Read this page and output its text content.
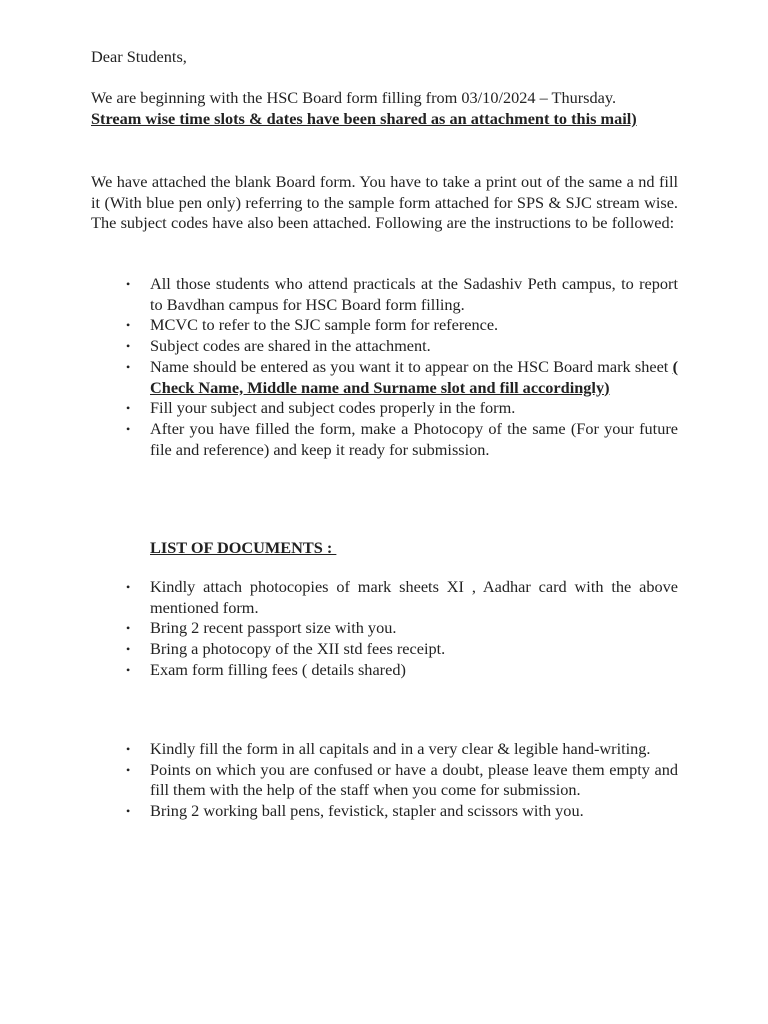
Dear Students,

We are beginning with the HSC Board form filling from 03/10/2024 – Thursday.

Stream wise time slots & dates have been shared as an attachment to this mail)

We have attached the blank Board form. You have to take a print out of the same a nd fill it (With blue pen only) referring to the sample form attached for SPS & SJC stream wise. The subject codes have also been attached. Following are the instructions to be followed:

• All those students who attend practicals at the Sadashiv Peth campus, to report to Bavdhan campus for HSC Board form filling.
• MCVC to refer to the SJC sample form for reference.
• Subject codes are shared in the attachment.
• Name should be entered as you want it to appear on the HSC Board mark sheet ( Check Name, Middle name and Surname slot and fill accordingly)
• Fill your subject and subject codes properly in the form.
• After you have filled the form, make a Photocopy of the same (For your future file and reference) and keep it ready for submission.

LIST OF DOCUMENTS :

• Kindly attach photocopies of mark sheets XI , Aadhar card with the above mentioned form.
• Bring 2 recent passport size with you.
• Bring a photocopy of the XII std fees receipt.
• Exam form filling fees ( details shared)
• Kindly fill the form in all capitals and in a very clear & legible hand-writing.
• Points on which you are confused or have a doubt, please leave them empty and fill them with the help of the staff when you come for submission.
• Bring 2 working ball pens, fevistick, stapler and scissors with you.
